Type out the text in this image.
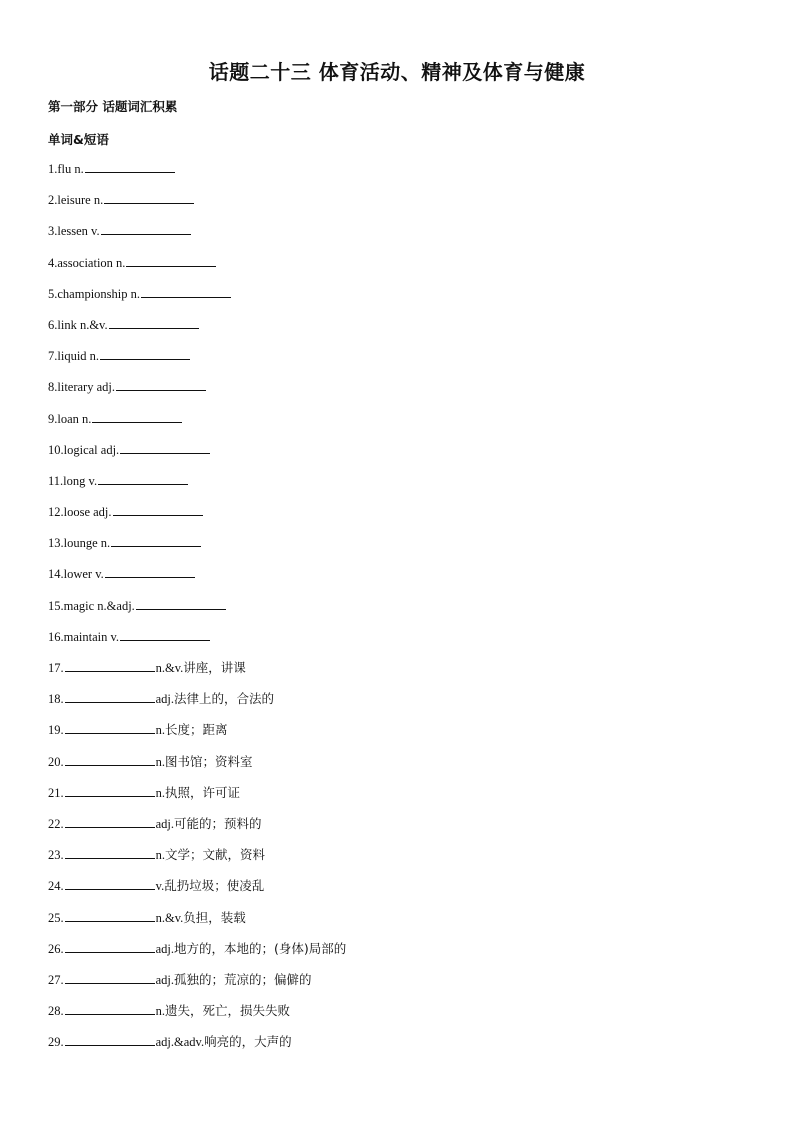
话题二十三 体育活动、精神及体育与健康
第一部分 话题词汇积累
单词&短语
1.flu n.
2.leisure n.
3.lessen v.
4.association n.
5.championship n.
6.link n.&v.
7.liquid n.
8.literary adj.
9.loan n.
10.logical adj.
11.long v.
12.loose adj.
13.lounge n.
14.lower v.
15.magic n.&adj.
16.maintain v.
17.	n.&v.讲座，讲课
18.	adj.法律上的，合法的
19.	n.长度；距离
20.	n.图书馆；资料室
21.	n.执照，许可证
22.	adj.可能的；预料的
23.	n.文学；文献，资料
24.	v.乱扔垃圾；使凌乱
25.	n.&v.负担，装载
26.	adj.地方的，本地的；(身体)局部的
27.	adj.孤独的；荒凉的；偏僻的
28.	n.遗失，死亡，损失失败
29.	adj.&adv.响亮的，大声的
